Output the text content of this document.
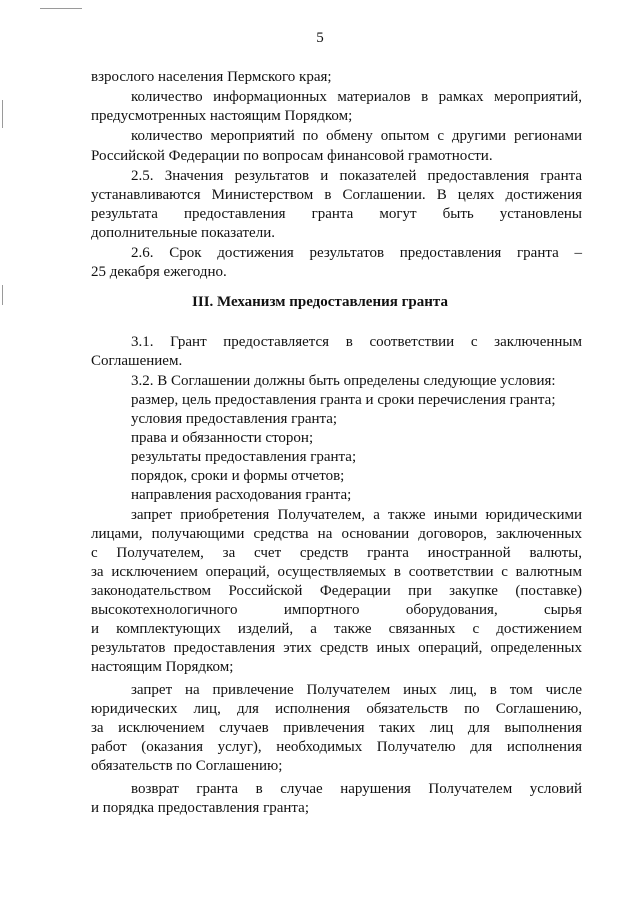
5
взрослого населения Пермского края;
количество информационных материалов в рамках мероприятий,
предусмотренных настоящим Порядком;
количество мероприятий по обмену опытом с другими регионами
Российской Федерации по вопросам финансовой грамотности.
2.5. Значения результатов и показателей предоставления гранта
устанавливаются Министерством в Соглашении. В целях достижения
результата предоставления гранта могут быть установлены
дополнительные показатели.
2.6. Срок достижения результатов предоставления гранта –
25 декабря ежегодно.
III. Механизм предоставления гранта
3.1. Грант предоставляется в соответствии с заключенным
Соглашением.
3.2. В Соглашении должны быть определены следующие условия:
размер, цель предоставления гранта и сроки перечисления гранта;
условия предоставления гранта;
права и обязанности сторон;
результаты предоставления гранта;
порядок, сроки и формы отчетов;
направления расходования гранта;
запрет приобретения Получателем, а также иными юридическими
лицами, получающими средства на основании договоров, заключенных
с Получателем, за счет средств гранта иностранной валюты,
за исключением операций, осуществляемых в соответствии с валютным
законодательством Российской Федерации при закупке (поставке)
высокотехнологичного импортного оборудования, сырья
и комплектующих изделий, а также связанных с достижением
результатов предоставления этих средств иных операций, определенных
настоящим Порядком;
запрет на привлечение Получателем иных лиц, в том числе
юридических лиц, для исполнения обязательств по Соглашению,
за исключением случаев привлечения таких лиц для выполнения
работ (оказания услуг), необходимых Получателю для исполнения
обязательств по Соглашению;
возврат гранта в случае нарушения Получателем условий
и порядка предоставления гранта;
